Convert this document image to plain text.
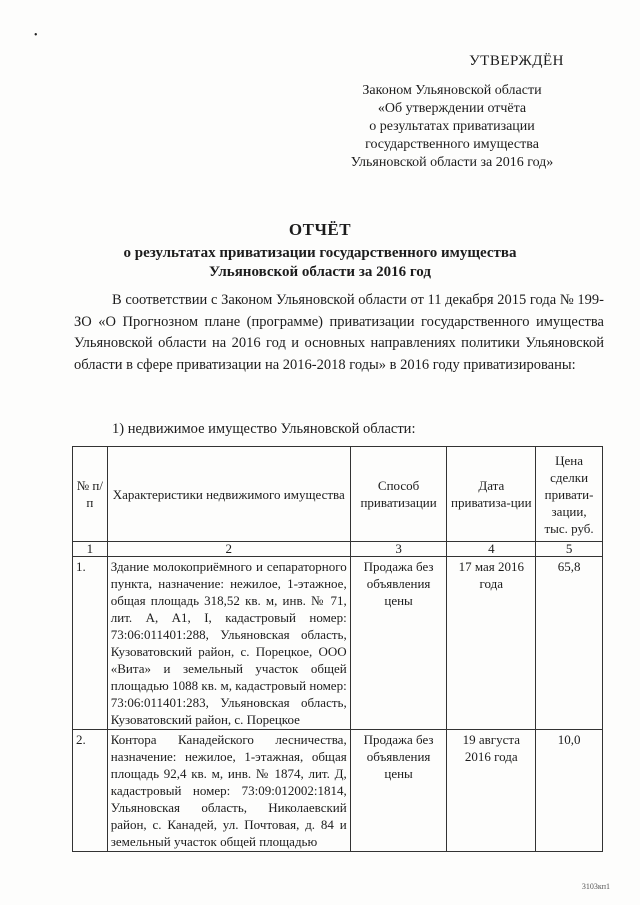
•
УТВЕРЖДЁН
Законом Ульяновской области
«Об утверждении отчёта
о результатах приватизации
государственного имущества
Ульяновской области за 2016 год»
ОТЧЁТ
о результатах приватизации государственного имущества
Ульяновской области за 2016 год
В соответствии с Законом Ульяновской области от 11 декабря 2015 года № 199-ЗО «О Прогнозном плане (программе) приватизации государственного имущества Ульяновской области на 2016 год и основных направлениях политики Ульяновской области в сфере приватизации на 2016-2018 годы» в 2016 году приватизированы:
1) недвижимое имущество Ульяновской области:
№ п/п	Характеристики недвижимого имущества	Способ приватизации	Дата приватиза-ции	Цена сделки привати-зации, тыс. руб.
1	2	3	4	5
1.	Здание молокоприёмного и сепараторного пункта, назначение: нежилое, 1-этажное, общая площадь 318,52 кв. м, инв. № 71, лит. А, А1, I, кадастровый номер: 73:06:011401:288, Ульяновская область, Кузоватовский район, с. Порецкое, ООО «Вита» и земельный участок общей площадью 1088 кв. м, кадастровый номер: 73:06:011401:283, Ульяновская область, Кузоватовский район, с. Порецкое	Продажа без объявления цены	17 мая 2016 года	65,8
2.	Контора Канадейского лесничества, назначение: нежилое, 1-этажная, общая площадь 92,4 кв. м, инв. № 1874, лит. Д, кадастровый номер: 73:09:012002:1814, Ульяновская область, Николаевский район, с. Канадей, ул. Почтовая, д. 84 и земельный участок общей площадью	Продажа без объявления цены	19 августа 2016 года	10,0
3103кп1
